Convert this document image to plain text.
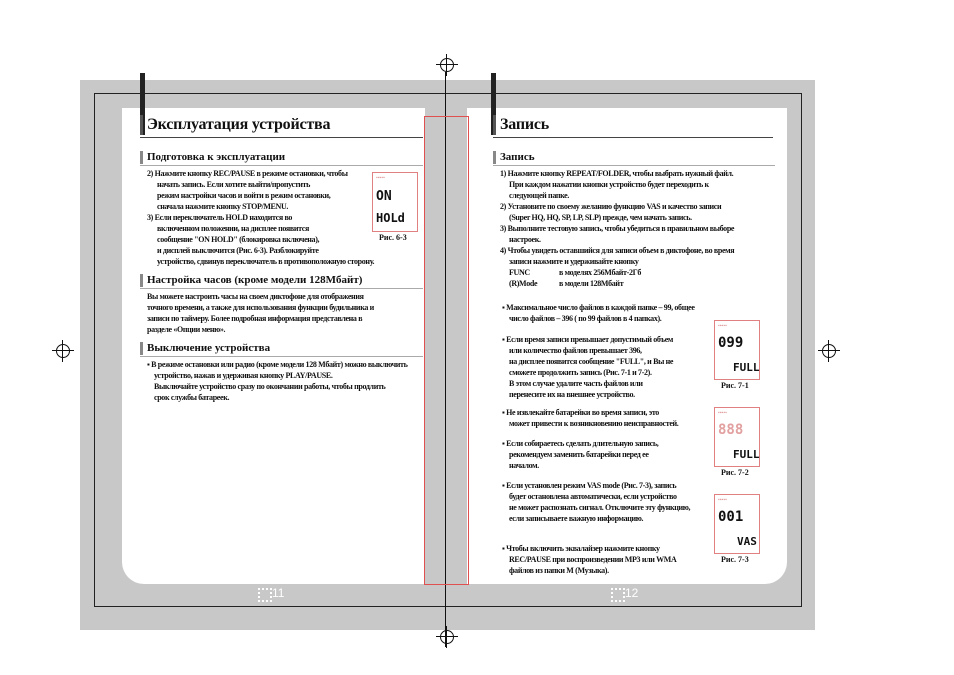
Эксплуатация устройства
Подготовка к эксплуатации
2) Нажмите кнопку REC/PAUSE в режиме остановки, чтобы
начать запись. Если хотите выйти/пропустить
режим настройки часов и войти в режим остановки,
сначала нажмите кнопку STOP/MENU.
3) Если переключатель HOLD находится во
включенном положении, на дисплее появится
сообщение "ON HOLD" (блокировка включена),
и дисплей выключится (Рис. 6-3). Разблокируйте
устройство, сдвинув переключатель в противоположную сторону.
▪▪▪▪▪
ON
HOLd
Рис. 6-3
Настройка часов (кроме модели 128Мбайт)
Вы можете настроить часы на своем диктофоне для отображения
точного времени, а также для использования функции будильника и
записи по таймеру. Более подробная информация представлена в
разделе «Опции меню».
Выключение устройства
▪ В режиме остановки или радио (кроме модели 128 Мбайт) можно выключить
устройство, нажав и удерживая кнопку PLAY/PAUSE.
Выключайте устройство сразу по окончании работы, чтобы продлить
срок службы батареек.
11
Запись
Запись
1) Нажмите кнопку REPEAT/FOLDER, чтобы выбрать нужный файл.
При каждом нажатии кнопки устройство будет переходить к
следующей папке.
2) Установите по своему желанию функцию VAS и качество записи
(Super HQ, HQ, SP, LP, SLP) прежде, чем начать запись.
3) Выполните тестовую запись, чтобы убедиться в правильном выборе
настроек.
4) Чтобы увидеть оставшийся для записи объем в диктофоне, во время
записи нажмите и удерживайте кнопку
FUNC	в моделях 256Мбайт-2Гб
(R)Mode	в модели 128Мбайт
▪ Максимальное число файлов в каждой папке – 99, общее
число файлов – 396 ( по 99 файлов в 4 папках).
▪ Если время записи превышает допустимый объем
или количество файлов превышает 396,
на дисплее появится сообщение "FULL", и Вы не
сможете продолжить запись (Рис. 7-1 и 7-2).
В этом случае удалите часть файлов или
перенесите их на внешнее устройство.
▪ Не извлекайте батарейки во время записи, это
может привести к возникновению неисправностей.
▪ Если собираетесь сделать длительную запись,
рекомендуем заменить батарейки перед ее
началом.
▪ Если установлен режим VAS mode (Рис. 7-3), запись
будет остановлена автоматически, если устройство
не может распознать сигнал. Отключите эту функцию,
если записываете важную информацию.
▪ Чтобы включить эквалайзер нажмите кнопку
REC/PAUSE при воспроизведении MP3 или WMA
файлов из папки M (Музыка).
▪▪▪▪▪
099
FULL
Рис. 7-1
▪▪▪▪▪
888
FULL
Рис. 7-2
▪▪▪▪▪
001
VAS
Рис. 7-3
12
